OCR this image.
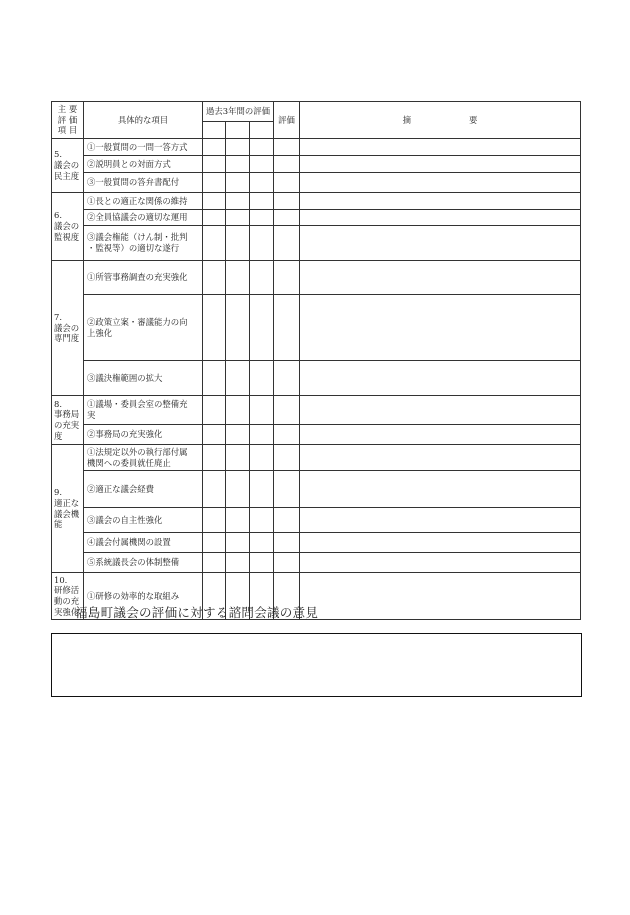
主 要
評 価
項 目	具体的な項目	過去3年間の評価			評価	摘 要

5.
議会の
民主度	①一般質問の一問一答方式					

	②説明員との対面方式					

	③一般質問の答弁書配付					

6.
議会の
監視度	①長との適正な関係の維持					

	②全員協議会の適切な運用					

	③議会権能（けん制・批判
・監視等）の適切な遂行					

7.
議会の
専門度	①所管事務調査の充実強化					

	②政策立案・審議能力の向
上強化					

	③議決権範囲の拡大					

8.
事務局
の充実
度	①議場・委員会室の整備充
実					

	②事務局の充実強化					

9.
適正な
議会機
能	①法規定以外の執行部付属
機関への委員就任廃止					

	②適正な議会経費					

	③議会の自主性強化					

	④議会付属機関の設置					

	⑤系統議長会の体制整備					

10.
研修活
動の充
実強化	①研修の効率的な取組み					

福島町議会の評価に対する諮問会議の意見
